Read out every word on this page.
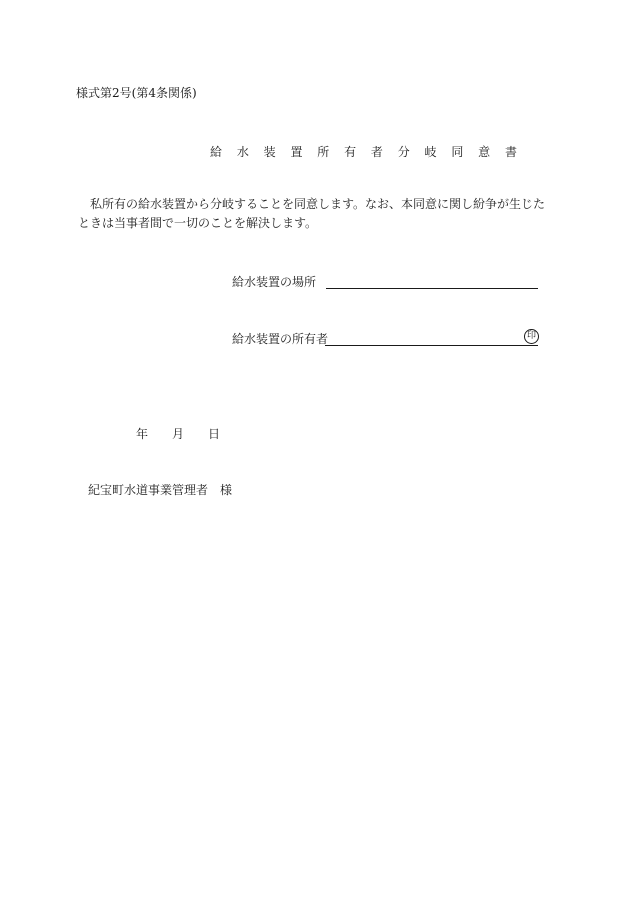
様式第2号(第4条関係)
給 水 装 置 所 有 者 分 岐 同 意 書
私所有の給水装置から分岐することを同意します。なお、本同意に関し紛争が生じたときは当事者間で一切のことを解決します。
給水装置の場所
給水装置の所有者	印
年 月 日
紀宝町水道事業管理者 様
